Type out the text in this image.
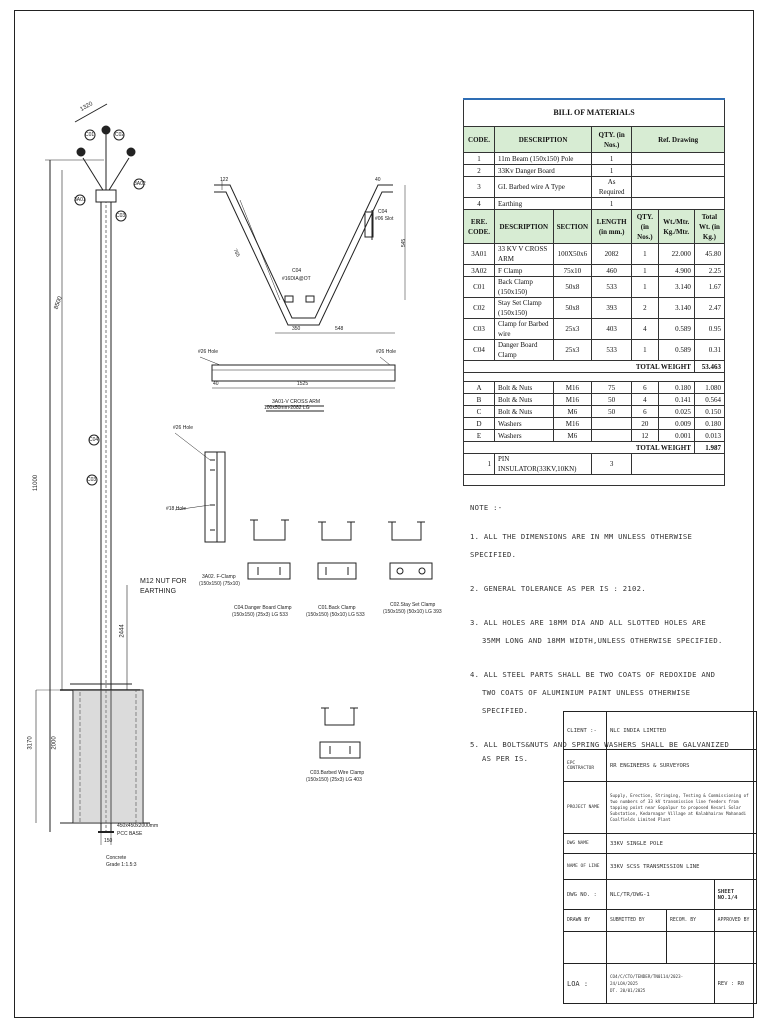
1320
C02
C01
3A02
3A01
C03
C04
C03
11000
8500
2444
2000
3170
M12 NUT FOR
EARTHING
450x450x2000mm
PCC BASE
150
Concrete
Grade 1:1.5:3
122	40
C04
#06 Slot
C04
#16DIA@OT
765
545
350	548
#26 Hole	#26 Hole
1525
40
3A01-V CROSS ARM
100x50mm-2082 LG
#26 Hole
#18 Hole
3A02. F-Clamp
(150x150) (75x10)
C04.Danger Board Clamp
(150x150) (25x3) LG 533
C01.Back Clamp
(150x150) (50x10) LG 533
C02.Stay Set Clamp
(150x150) (50x10) LG 393
C03.Barbed Wire Clamp
(150x150) (25x3) LG 403
BILL OF MATERIALS						
CODE.	DESCRIPTION		QTY. (in Nos.)	Ref. Drawing		
1	11m Beam (150x150) Pole		1			
2	33Kv Danger Board		1			
3	GI. Barbed wire A Type		As Required			
4	Earthing		1			
ERE. CODE.	DESCRIPTION	SECTION	LENGTH (in mm.)	QTY. (in Nos.)	Wt./Mtr. Kg./Mtr.	Total Wt. (in Kg.)
3A01	33 KV V CROSS ARM	100X50x6	2082	1	22.000	45.80
3A02	F Clamp	75x10	460	1	4.900	2.25
C01	Back Clamp (150x150)	50x8	533	1	3.140	1.67
C02	Stay Set Clamp (150x150)	50x8	393	2	3.140	2.47
C03	Clamp for Barbed wire	25x3	403	4	0.589	0.95
C04	Danger Board Clamp	25x3	533	1	0.589	0.31
TOTAL WEIGHT						53.463

A	Bolt & Nuts	M16	75	6	0.180	1.080
B	Bolt & Nuts	M16	50	4	0.141	0.564
C	Bolt & Nuts	M6	50	6	0.025	0.150
D	Washers	M16		20	0.009	0.180
E	Washers	M6		12	0.001	0.013
TOTAL WEIGHT						1.987
1	PIN INSULATOR(33KV,10KN)		3			

NOTE :-
1. ALL THE DIMENSIONS ARE IN MM UNLESS OTHERWISE SPECIFIED.
2. GENERAL TOLERANCE AS PER IS : 2102.
3. ALL HOLES ARE 18MM DIA AND ALL SLOTTED HOLES ARE
35MM LONG AND 18MM WIDTH,UNLESS OTHERWISE SPECIFIED.
4. ALL STEEL PARTS SHALL BE TWO COATS OF REDOXIDE AND
TWO COATS OF ALUMINIUM PAINT UNLESS OTHERWISE SPECIFIED.
5. ALL BOLTS&NUTS AND SPRING WASHERS SHALL BE GALVANIZED
AS PER IS.
CLIENT :-	NLC INDIA LIMITED		
EPC CONTRACTOR	RR ENGINEERS & SURVEYORS		
PROJECT NAME	Supply, Erection, Stringing, Testing & Commissioning of two numbers of 33 kV transmission line feeders from tapping point near Gopalpur to proposed Kesari Solar Substation, Kedarnagar Village at Kalabhairav Mahanadi Coalfields Limited Plant		
DWG NAME	33KV SINGLE POLE		
NAME OF LINE	33KV SCSS TRANSMISSION LINE		
DWG NO. :	NLC/TR/DWG-1		SHEET NO.1/4
DRAWN BY	SUBMITTED BY	RECOM. BY	APPROVED BY

LOA :	CO4/C/CTO/TENDER/TN0114/2023-24/LOA/2025
DT. 20/01/2025		REV : R0
